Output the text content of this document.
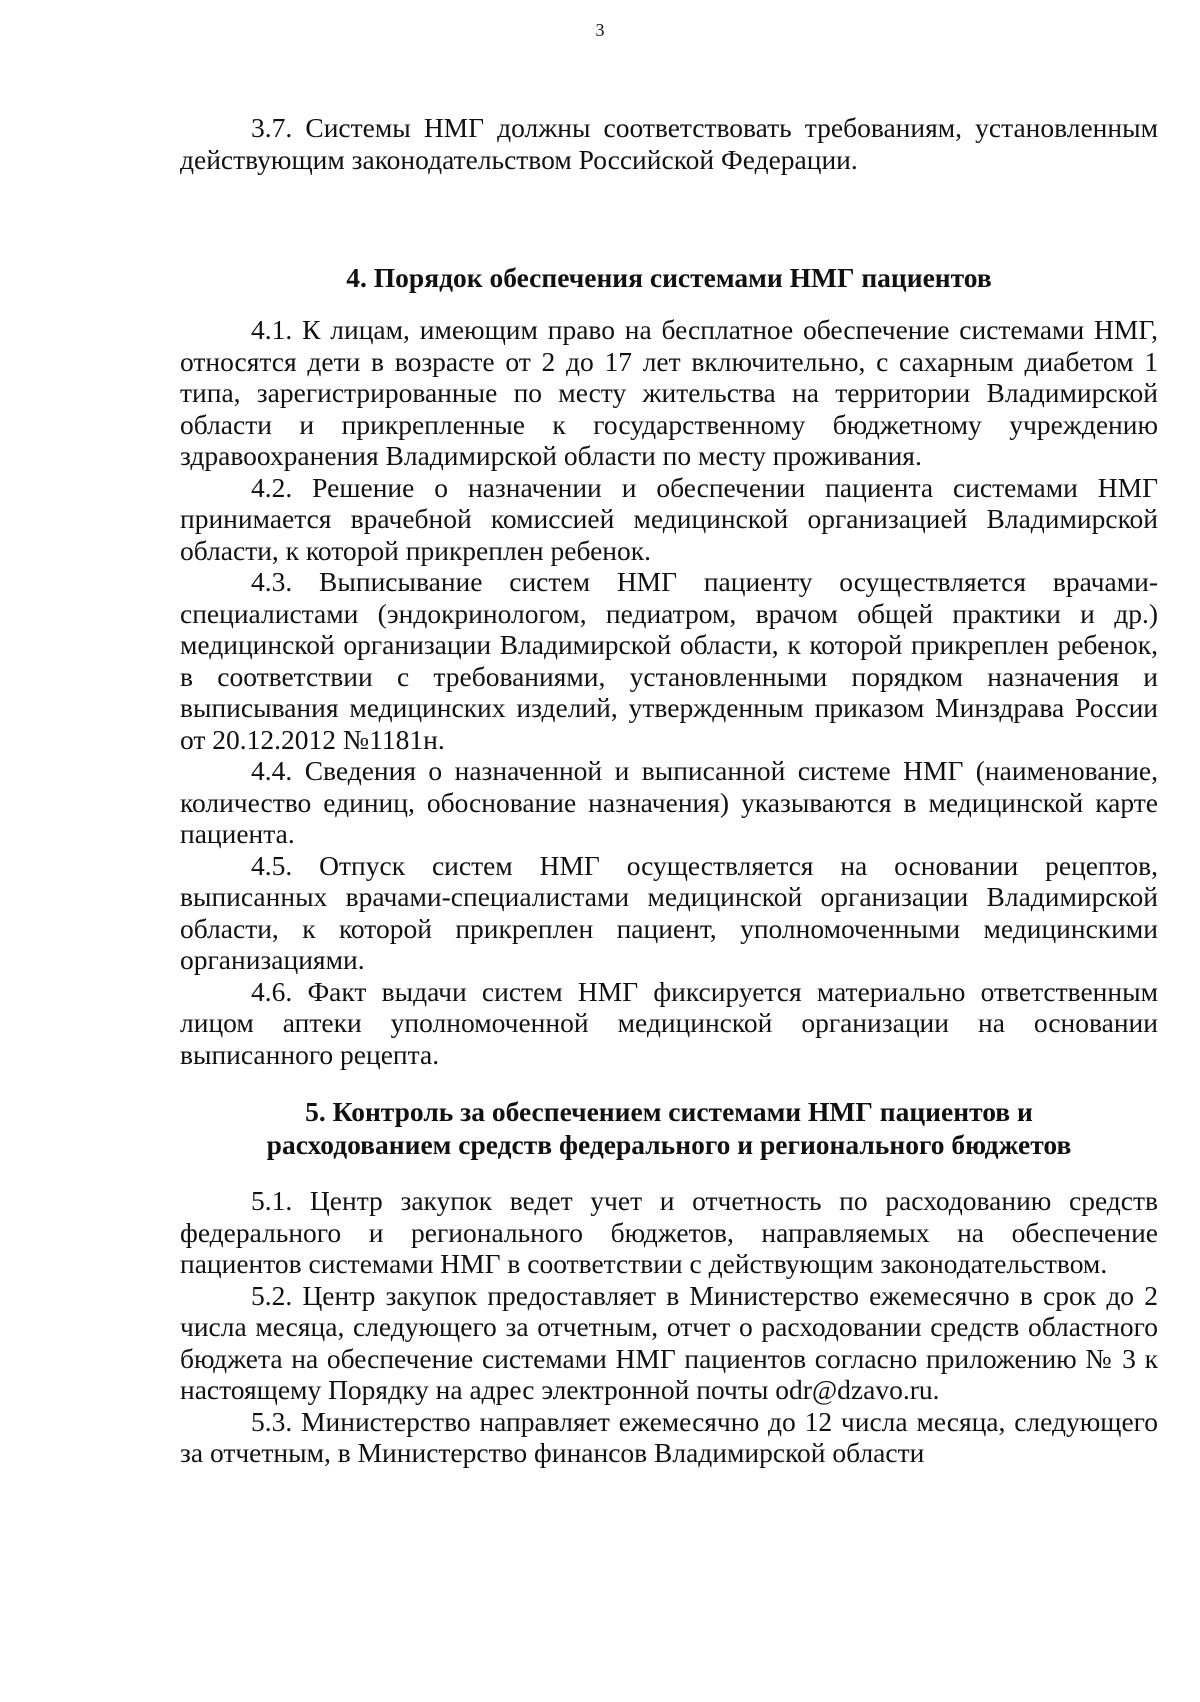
3

3.7. Системы НМГ должны соответствовать требованиям, установленным действующим законодательством Российской Федерации.

4. Порядок обеспечения системами НМГ пациентов

4.1. К лицам, имеющим право на бесплатное обеспечение системами НМГ, относятся дети в возрасте от 2 до 17 лет включительно, с сахарным диабетом 1 типа, зарегистрированные по месту жительства на территории Владимирской области и прикрепленные к государственному бюджетному учреждению здравоохранения Владимирской области по месту проживания.

4.2. Решение о назначении и обеспечении пациента системами НМГ принимается врачебной комиссией медицинской организацией Владимирской области, к которой прикреплен ребенок.

4.3. Выписывание систем НМГ пациенту осуществляется врачами-специалистами (эндокринологом, педиатром, врачом общей практики и др.) медицинской организации Владимирской области, к которой прикреплен ребенок, в соответствии с требованиями, установленными порядком назначения и выписывания медицинских изделий, утвержденным приказом Минздрава России от 20.12.2012 №1181н.

4.4. Сведения о назначенной и выписанной системе НМГ (наименование, количество единиц, обоснование назначения) указываются в медицинской карте пациента.

4.5. Отпуск систем НМГ осуществляется на основании рецептов, выписанных врачами-специалистами медицинской организации Владимирской области, к которой прикреплен пациент, уполномоченными медицинскими организациями.

4.6. Факт выдачи систем НМГ фиксируется материально ответственным лицом аптеки уполномоченной медицинской организации на основании выписанного рецепта.

5. Контроль за обеспечением системами НМГ пациентов и
расходованием средств федерального и регионального бюджетов

5.1. Центр закупок ведет учет и отчетность по расходованию средств федерального и регионального бюджетов, направляемых на обеспечение пациентов системами НМГ в соответствии с действующим законодательством.

5.2. Центр закупок предоставляет в Министерство ежемесячно в срок до 2 числа месяца, следующего за отчетным, отчет о расходовании средств областного бюджета на обеспечение системами НМГ пациентов согласно приложению № 3 к настоящему Порядку на адрес электронной почты odr@dzavo.ru.

5.3. Министерство направляет ежемесячно до 12 числа месяца, следующего за отчетным, в Министерство финансов Владимирской области
